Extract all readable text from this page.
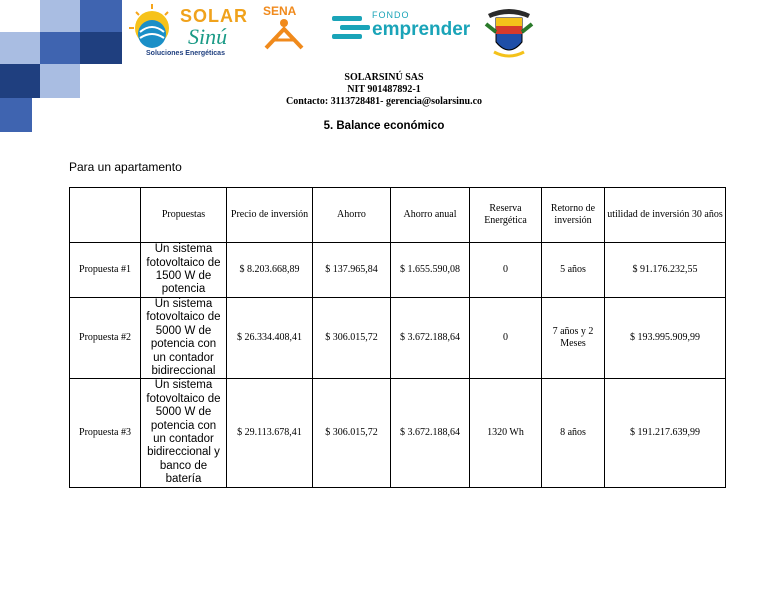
SOLAR
Sinú
Soluciones Energéticas
SENA	FONDO
emprender
SOLARSINÚ SAS
NIT 901487892-1
Contacto: 3113728481- gerencia@solarsinu.co
5. Balance económico
Para un apartamento
	Propuestas	Precio de inversión	Ahorro	Ahorro anual	Reserva Energética	Retorno de inversión	utilidad de inversión 30 años
Propuesta #1	Un sistema fotovoltaico de 1500 W de potencia	$ 8.203.668,89	$ 137.965,84	$ 1.655.590,08	0	5 años	$ 91.176.232,55
Propuesta #2	Un sistema fotovoltaico de 5000 W de potencia con un contador bidireccional	$ 26.334.408,41	$ 306.015,72	$ 3.672.188,64	0	7 años y 2 Meses	$ 193.995.909,99
Propuesta #3	Un sistema fotovoltaico de 5000 W de potencia con un contador bidireccional y banco de batería	$ 29.113.678,41	$ 306.015,72	$ 3.672.188,64	1320 Wh	8 años	$ 191.217.639,99
